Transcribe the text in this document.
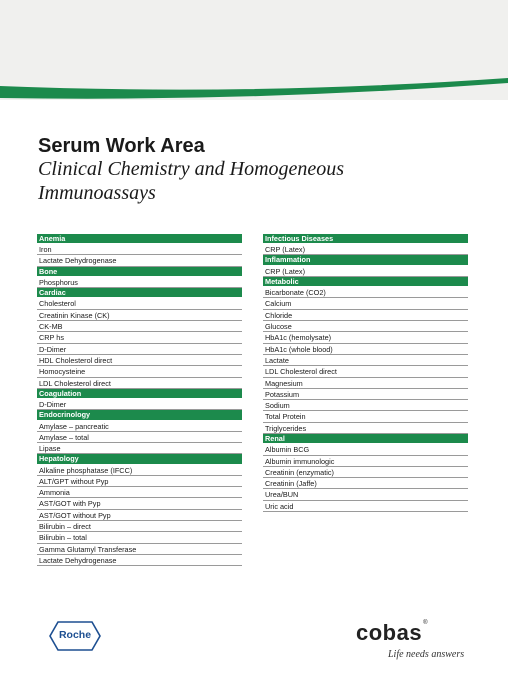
Serum Work Area
Clinical Chemistry and Homogeneous
Immunoassays
Anemia
Iron
Lactate Dehydrogenase
Bone
Phosphorus
Cardiac
Cholesterol
Creatinin Kinase (CK)
CK-MB
CRP hs
D-Dimer
HDL Cholesterol direct
Homocysteine
LDL Cholesterol direct
Coagulation
D-Dimer
Endocrinology
Amylase – pancreatic
Amylase – total
Lipase
Hepatology
Alkaline phosphatase (IFCC)
ALT/GPT without Pyp
Ammonia
AST/GOT with Pyp
AST/GOT without Pyp
Bilirubin – direct
Bilirubin – total
Gamma Glutamyl Transferase
Lactate Dehydrogenase
Infectious Diseases
CRP (Latex)
Inflammation
CRP (Latex)
Metabolic
Bicarbonate (CO2)
Calcium
Chloride
Glucose
HbA1c (hemolysate)
HbA1c (whole blood)
Lactate
LDL Cholesterol direct
Magnesium
Potassium
Sodium
Total Protein
Triglycerides
Renal
Albumin BCG
Albumin immunologic
Creatinin (enzymatic)
Creatinin (Jaffe)
Urea/BUN
Uric acid
Roche	cobas®
Life needs answers
